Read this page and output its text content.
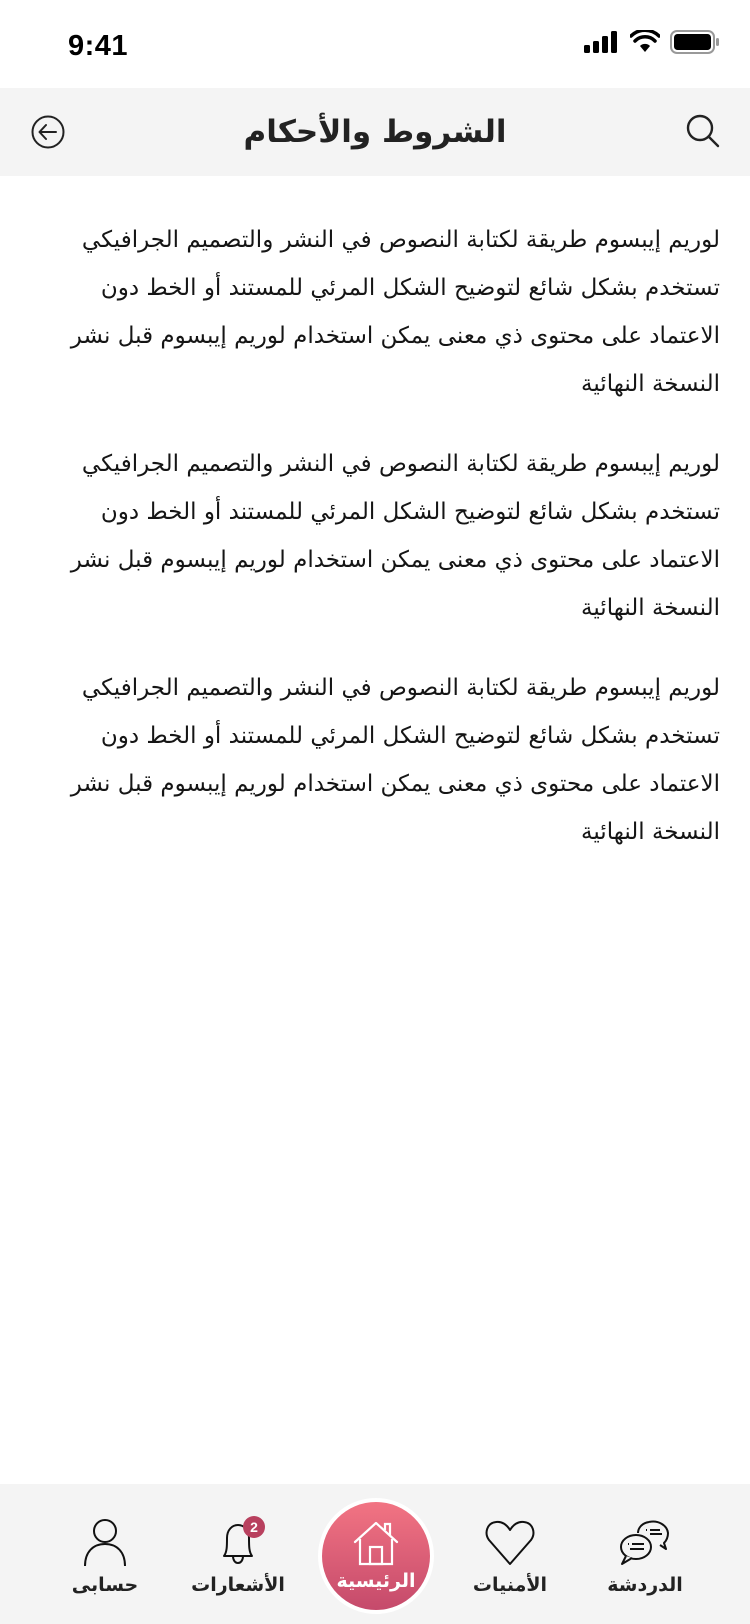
9:41
الشروط والأحكام

لوريم إيبسوم طريقة لكتابة النصوص في النشر والتصميم الجرافيكي تستخدم بشكل شائع لتوضيح الشكل المرئي للمستند أو الخط دون الاعتماد على محتوى ذي معنى يمكن استخدام لوريم إيبسوم قبل نشر النسخة النهائية

لوريم إيبسوم طريقة لكتابة النصوص في النشر والتصميم الجرافيكي تستخدم بشكل شائع لتوضيح الشكل المرئي للمستند أو الخط دون الاعتماد على محتوى ذي معنى يمكن استخدام لوريم إيبسوم قبل نشر النسخة النهائية

لوريم إيبسوم طريقة لكتابة النصوص في النشر والتصميم الجرافيكي تستخدم بشكل شائع لتوضيح الشكل المرئي للمستند أو الخط دون الاعتماد على محتوى ذي معنى يمكن استخدام لوريم إيبسوم قبل نشر النسخة النهائية

حسابى
2
الأشعارات	الرئيسية	الأمنيات	الدردشة
